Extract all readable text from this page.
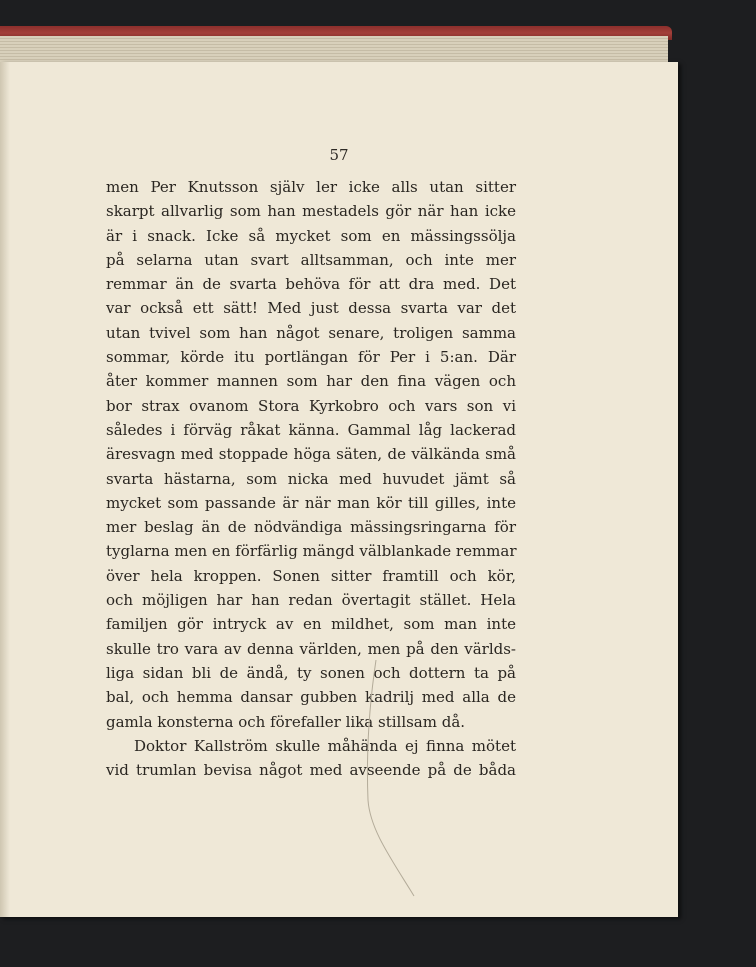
57
men Per Knutsson själv ler icke alls utan sitter
skarpt allvarlig som han mestadels gör när han icke
är i snack. Icke så mycket som en mässingssölja
på selarna utan svart alltsamman, och inte mer
remmar än de svarta behöva för att dra med. Det
var också ett sätt! Med just dessa svarta var det
utan tvivel som han något senare, troligen samma
sommar, körde itu portlängan för Per i 5:an. Där
åter kommer mannen som har den fina vägen och
bor strax ovanom Stora Kyrkobro och vars son vi
således i förväg råkat känna. Gammal låg lackerad
äresvagn med stoppade höga säten, de välkända små
svarta hästarna, som nicka med huvudet jämt så
mycket som passande är när man kör till gilles, inte
mer beslag än de nödvändiga mässingsringarna för
tyglarna men en förfärlig mängd välblankade remmar
över hela kroppen. Sonen sitter framtill och kör,
och möjligen har han redan övertagit stället. Hela
familjen gör intryck av en mildhet, som man inte
skulle tro vara av denna världen, men på den världs-
liga sidan bli de ändå, ty sonen och dottern ta på
bal, och hemma dansar gubben kadrilj med alla de
gamla konsterna och förefaller lika stillsam då.
Doktor Kallström skulle måhända ej finna mötet
vid trumlan bevisa något med avseende på de båda
